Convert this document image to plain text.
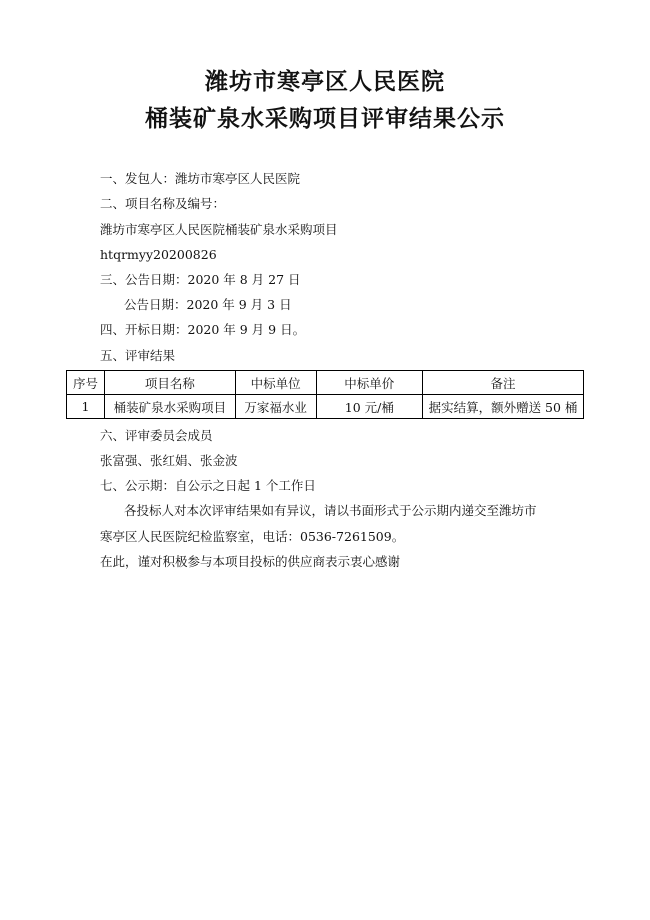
潍坊市寒亭区人民医院
桶装矿泉水采购项目评审结果公示
一、发包人：潍坊市寒亭区人民医院
二、项目名称及编号：
潍坊市寒亭区人民医院桶装矿泉水采购项目
htqrmyy20200826
三、公告日期：2020 年 8 月 27 日
公告日期：2020 年 9 月 3 日
四、开标日期：2020 年 9 月 9 日。
五、评审结果
序号	项目名称	中标单位	中标单价	备注
1	桶装矿泉水采购项目	万家福水业	10 元/桶	据实结算，额外赠送 50 桶
六、评审委员会成员
张富强、张红娟、张金波
七、公示期：自公示之日起 1 个工作日
各投标人对本次评审结果如有异议，请以书面形式于公示期内递交至潍坊市
寒亭区人民医院纪检监察室，电话：0536-7261509。
在此，谨对积极参与本项目投标的供应商表示衷心感谢
